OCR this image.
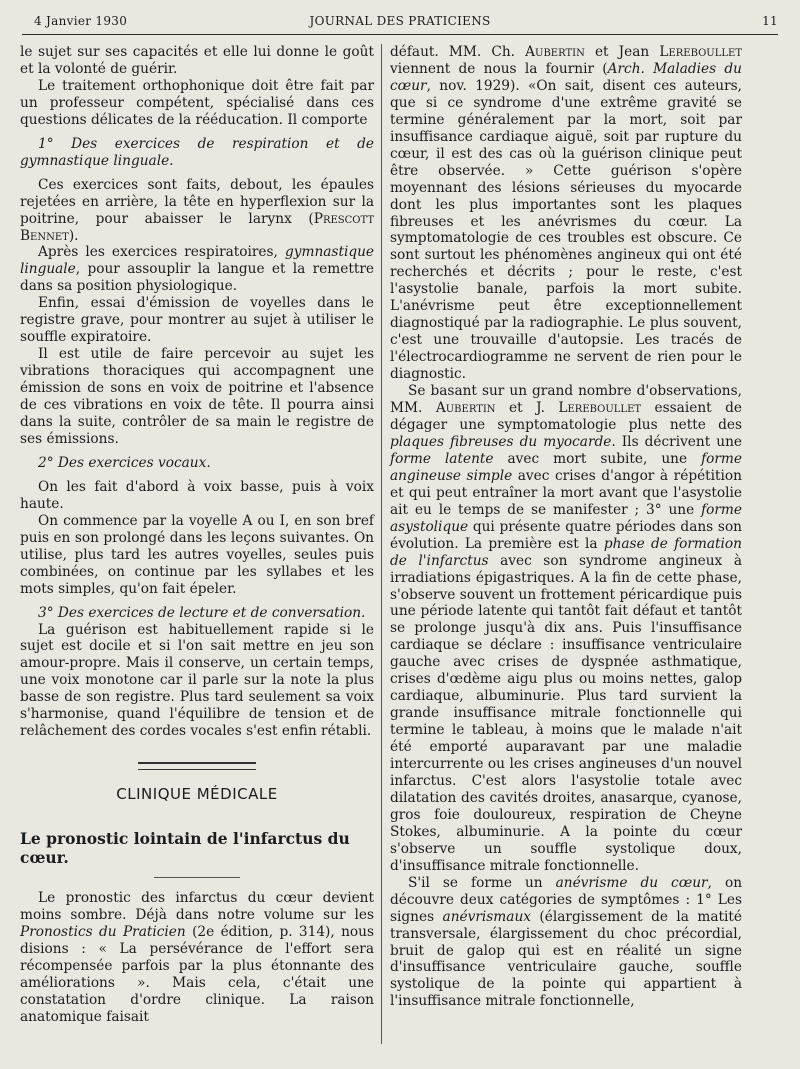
4 Janvier 1930	JOURNAL DES PRATICIENS	11

le sujet sur ses capacités et elle lui donne le goût et la volonté de guérir.

Le traitement orthophonique doit être fait par un professeur compétent, spécialisé dans ces questions délicates de la rééducation. Il comporte

1° Des exercices de respiration et de gymnastique linguale.

Ces exercices sont faits, debout, les épaules rejetées en arrière, la tête en hyperflexion sur la poitrine, pour abaisser le larynx (Prescott Bennet).

Après les exercices respiratoires, gymnastique linguale, pour assouplir la langue et la remettre dans sa position physiologique.

Enfin, essai d'émission de voyelles dans le registre grave, pour montrer au sujet à utiliser le souffle expiratoire.

Il est utile de faire percevoir au sujet les vibrations thoraciques qui accompagnent une émission de sons en voix de poitrine et l'absence de ces vibrations en voix de tête. Il pourra ainsi dans la suite, contrôler de sa main le registre de ses émissions.

2° Des exercices vocaux.

On les fait d'abord à voix basse, puis à voix haute.

On commence par la voyelle A ou I, en son bref puis en son prolongé dans les leçons suivantes. On utilise, plus tard les autres voyelles, seules puis combinées, on continue par les syllabes et les mots simples, qu'on fait épeler.

3° Des exercices de lecture et de conversation.

La guérison est habituellement rapide si le sujet est docile et si l'on sait mettre en jeu son amour-propre. Mais il conserve, un certain temps, une voix monotone car il parle sur la note la plus basse de son registre. Plus tard seulement sa voix s'harmonise, quand l'équilibre de tension et de relâchement des cordes vocales s'est enfin rétabli.

CLINIQUE MÉDICALE
Le pronostic lointain de l'infarctus du cœur.

Le pronostic des infarctus du cœur devient moins sombre. Déjà dans notre volume sur les Pronostics du Praticien (2e édition, p. 314), nous disions : « La persévérance de l'effort sera récompensée parfois par la plus étonnante des améliorations ». Mais cela, c'était une constatation d'ordre clinique. La raison anatomique faisait

défaut. MM. Ch. Aubertin et Jean Lereboullet viennent de nous la fournir (Arch. Maladies du cœur, nov. 1929). «On sait, disent ces auteurs, que si ce syndrome d'une extrême gravité se termine généralement par la mort, soit par insuffisance cardiaque aiguë, soit par rupture du cœur, il est des cas où la guérison clinique peut être observée. » Cette guérison s'opère moyennant des lésions sérieuses du myocarde dont les plus importantes sont les plaques fibreuses et les anévrismes du cœur. La symptomatologie de ces troubles est obscure. Ce sont surtout les phénomènes angineux qui ont été recherchés et décrits ; pour le reste, c'est l'asystolie banale, parfois la mort subite. L'anévrisme peut être exceptionnellement diagnostiqué par la radiographie. Le plus souvent, c'est une trouvaille d'autopsie. Les tracés de l'électrocardiogramme ne servent de rien pour le diagnostic.

Se basant sur un grand nombre d'observations, MM. Aubertin et J. Lereboullet essaient de dégager une symptomatologie plus nette des plaques fibreuses du myocarde. Ils décrivent une forme latente avec mort subite, une forme angineuse simple avec crises d'angor à répétition et qui peut entraîner la mort avant que l'asystolie ait eu le temps de se manifester ; 3° une forme asystolique qui présente quatre périodes dans son évolution. La première est la phase de formation de l'infarctus avec son syndrome angineux à irradiations épigastriques. A la fin de cette phase, s'observe souvent un frottement péricardique puis une période latente qui tantôt fait défaut et tantôt se prolonge jusqu'à dix ans. Puis l'insuffisance cardiaque se déclare : insuffisance ventriculaire gauche avec crises de dyspnée asthmatique, crises d'œdème aigu plus ou moins nettes, galop cardiaque, albuminurie. Plus tard survient la grande insuffisance mitrale fonctionnelle qui termine le tableau, à moins que le malade n'ait été emporté auparavant par une maladie intercurrente ou les crises angineuses d'un nouvel infarctus. C'est alors l'asystolie totale avec dilatation des cavités droites, anasarque, cyanose, gros foie douloureux, respiration de Cheyne Stokes, albuminurie. A la pointe du cœur s'observe un souffle systolique doux, d'insuffisance mitrale fonctionnelle.

S'il se forme un anévrisme du cœur, on découvre deux catégories de symptômes : 1° Les signes anévrismaux (élargissement de la matité transversale, élargissement du choc précordial, bruit de galop qui est en réalité un signe d'insuffisance ventriculaire gauche, souffle systolique de la pointe qui appartient à l'insuffisance mitrale fonctionnelle,
